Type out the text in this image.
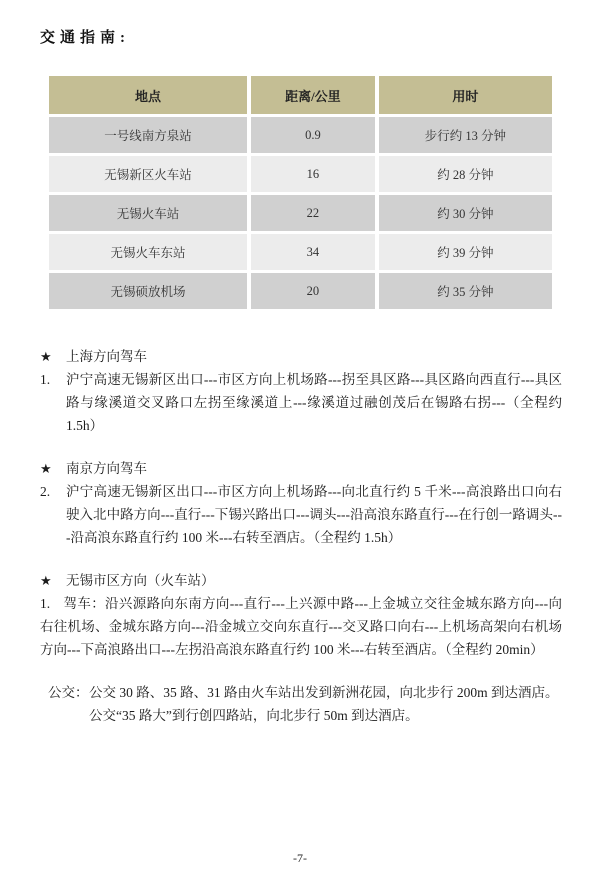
交通指南:
地点	距离/公里	用时
一号线南方泉站	0.9	步行约 13 分钟
无锡新区火车站	16	约 28 分钟
无锡火车站	22	约 30 分钟
无锡火车东站	34	约 39 分钟
无锡硕放机场	20	约 35 分钟
★	上海方向驾车
1.	沪宁高速无锡新区出口---市区方向上机场路---拐至具区路---具区路向西直行---具区路与缘溪道交叉路口左拐至缘溪道上---缘溪道过融创茂后在锡路右拐---（全程约 1.5h）
★	南京方向驾车
2.	沪宁高速无锡新区出口---市区方向上机场路---向北直行约 5 千米---高浪路出口向右驶入北中路方向---直行---下锡兴路出口---调头---沿高浪东路直行---在行创一路调头---沿高浪东路直行约 100 米---右转至酒店。（全程约 1.5h）
★	无锡市区方向（火车站）
1. 驾车：沿兴源路向东南方向---直行---上兴源中路---上金城立交往金城东路方向---向右往机场、金城东路方向---沿金城立交向东直行---交叉路口向右---上机场高架向右机场方向---下高浪路出口---左拐沿高浪东路直行约 100 米---右转至酒店。（全程约 20min）
公交： 公交 30 路、35 路、31 路由火车站出发到新洲花园，向北步行 200m 到达酒店。
公交“35 路大”到行创四路站，向北步行 50m 到达酒店。
-7-
